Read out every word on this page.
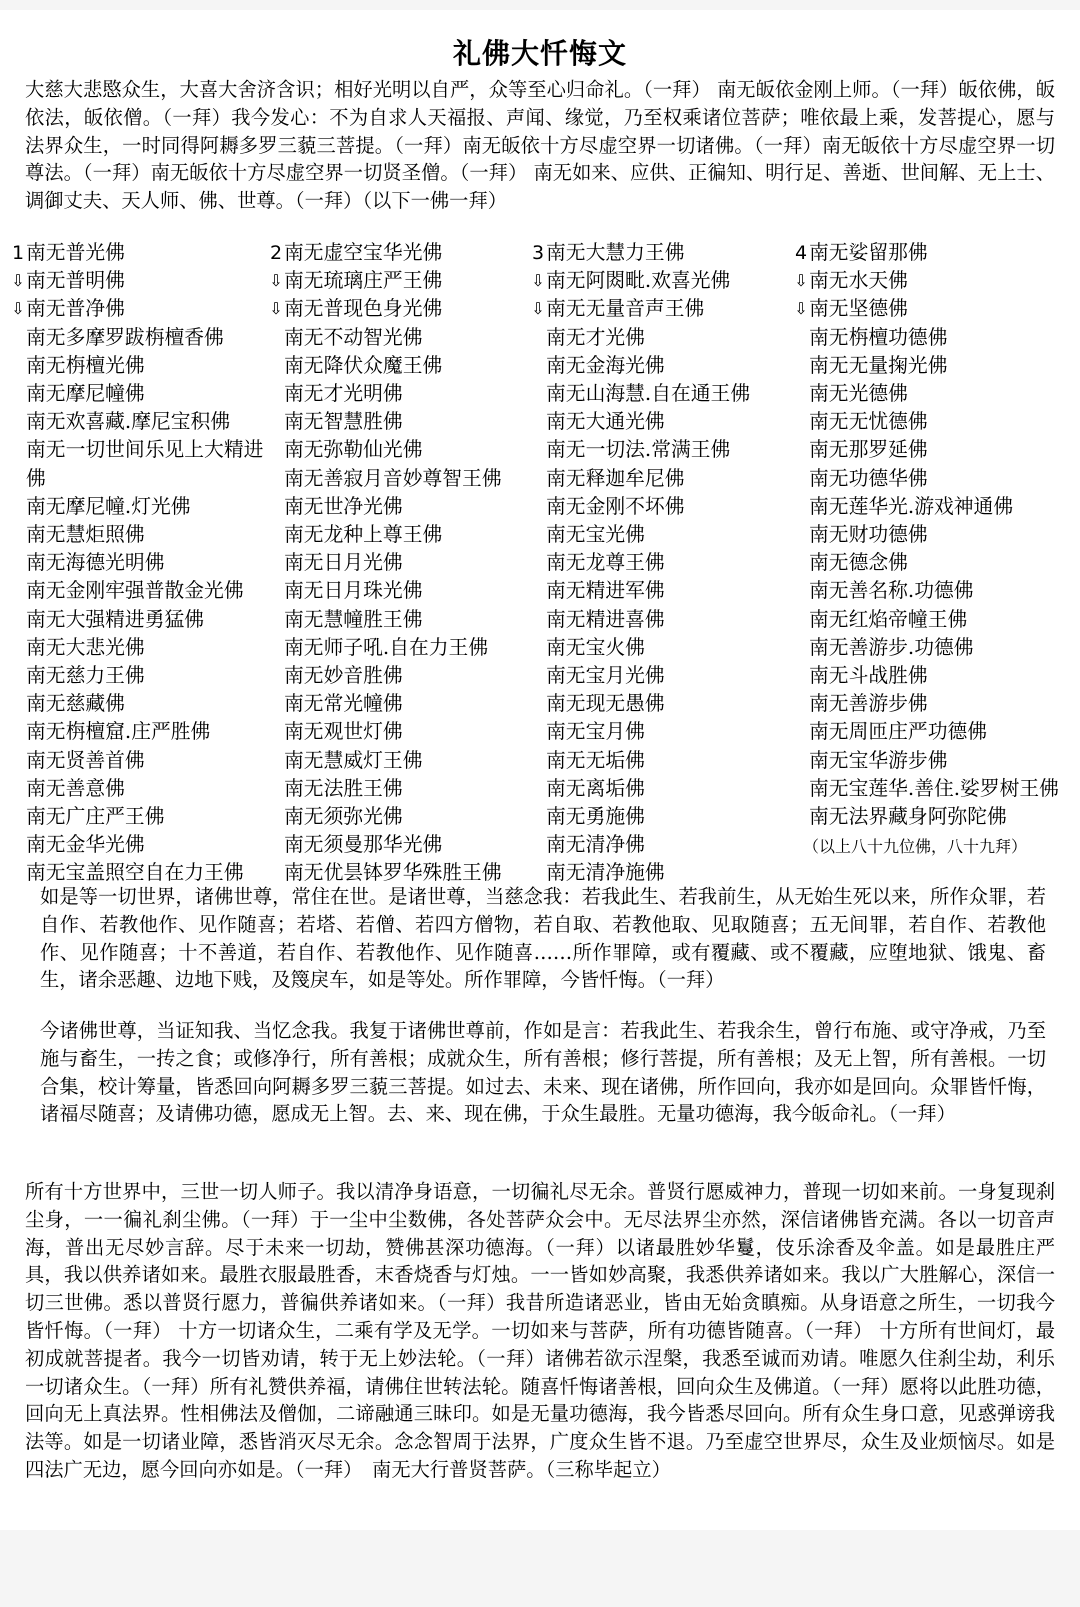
礼佛大忏悔文
大慈大悲愍众生，大喜大舍济含识；相好光明以自严，众等至心归命礼。（一拜） 南无皈依金刚上师。（一拜）皈依佛，皈依法，皈依僧。（一拜）我今发心：不为自求人天福报、声闻、缘觉，乃至权乘诸位菩萨；唯依最上乘，发菩提心，愿与法界众生，一时同得阿耨多罗三藐三菩提。（一拜）南无皈依十方尽虚空界一切诸佛。（一拜）南无皈依十方尽虚空界一切尊法。（一拜）南无皈依十方尽虚空界一切贤圣僧。（一拜） 南无如来、应供、正徧知、明行足、善逝、世间解、无上士、调御丈夫、天人师、佛、世尊。（一拜）（以下一佛一拜）
1 南无普光佛
⇩ 南无普明佛
⇩ 南无普净佛
南无多摩罗跋栴檀香佛
南无栴檀光佛
南无摩尼幢佛
南无欢喜藏.摩尼宝积佛
南无一切世间乐见上大精进佛
南无摩尼幢.灯光佛
南无慧炬照佛
南无海德光明佛
南无金刚牢强普散金光佛
南无大强精进勇猛佛
南无大悲光佛
南无慈力王佛
南无慈藏佛
南无栴檀窟.庄严胜佛
南无贤善首佛
南无善意佛
南无广庄严王佛
南无金华光佛
南无宝盖照空自在力王佛
2 南无虚空宝华光佛
⇩ 南无琉璃庄严王佛
⇩ 南无普现色身光佛
南无不动智光佛
南无降伏众魔王佛
南无才光明佛
南无智慧胜佛
南无弥勒仙光佛
南无善寂月音妙尊智王佛
南无世净光佛
南无龙种上尊王佛
南无日月光佛
南无日月珠光佛
南无慧幢胜王佛
南无师子吼.自在力王佛
南无妙音胜佛
南无常光幢佛
南无观世灯佛
南无慧威灯王佛
南无法胜王佛
南无须弥光佛
南无须曼那华光佛
南无优昙钵罗华殊胜王佛
3 南无大慧力王佛
⇩ 南无阿閦毗.欢喜光佛
⇩ 南无无量音声王佛
南无才光佛
南无金海光佛
南无山海慧.自在通王佛
南无大通光佛
南无一切法.常满王佛
南无释迦牟尼佛
南无金刚不坏佛
南无宝光佛
南无龙尊王佛
南无精进军佛
南无精进喜佛
南无宝火佛
南无宝月光佛
南无现无愚佛
南无宝月佛
南无无垢佛
南无离垢佛
南无勇施佛
南无清净佛
南无清净施佛
4 南无娑留那佛
⇩ 南无水天佛
⇩ 南无坚德佛
南无栴檀功德佛
南无无量掬光佛
南无光德佛
南无无忧德佛
南无那罗延佛
南无功德华佛
南无莲华光.游戏神通佛
南无财功德佛
南无德念佛
南无善名称.功德佛
南无红焰帝幢王佛
南无善游步.功德佛
南无斗战胜佛
南无善游步佛
南无周匝庄严功德佛
南无宝华游步佛
南无宝莲华.善住.娑罗树王佛
南无法界藏身阿弥陀佛
（以上八十九位佛，八十九拜）
如是等一切世界，诸佛世尊，常住在世。是诸世尊，当慈念我：若我此生、若我前生，从无始生死以来，所作众罪，若自作、若教他作、见作随喜；若塔、若僧、若四方僧物，若自取、若教他取、见取随喜；五无间罪，若自作、若教他作、见作随喜；十不善道，若自作、若教他作、见作随喜……所作罪障，或有覆藏、或不覆藏，应堕地狱、饿鬼、畜生，诸余恶趣、边地下贱，及篾戾车，如是等处。所作罪障，今皆忏悔。（一拜）
今诸佛世尊，当证知我、当忆念我。我复于诸佛世尊前，作如是言：若我此生、若我余生，曾行布施、或守净戒，乃至施与畜生，一抟之食；或修净行，所有善根；成就众生，所有善根；修行菩提，所有善根；及无上智，所有善根。一切合集，校计筹量，皆悉回向阿耨多罗三藐三菩提。如过去、未来、现在诸佛，所作回向，我亦如是回向。众罪皆忏悔，诸福尽随喜；及请佛功德，愿成无上智。去、来、现在佛，于众生最胜。无量功德海，我今皈命礼。（一拜）
所有十方世界中，三世一切人师子。我以清净身语意，一切徧礼尽无余。普贤行愿威神力，普现一切如来前。一身复现刹尘身，一一徧礼刹尘佛。（一拜）于一尘中尘数佛，各处菩萨众会中。无尽法界尘亦然，深信诸佛皆充满。各以一切音声海，普出无尽妙言辞。尽于未来一切劫，赞佛甚深功德海。（一拜）以诸最胜妙华鬘，伎乐涂香及伞盖。如是最胜庄严具，我以供养诸如来。最胜衣服最胜香，末香烧香与灯烛。一一皆如妙高聚，我悉供养诸如来。我以广大胜解心，深信一切三世佛。悉以普贤行愿力，普徧供养诸如来。（一拜）我昔所造诸恶业，皆由无始贪瞋痴。从身语意之所生，一切我今皆忏悔。（一拜） 十方一切诸众生，二乘有学及无学。一切如来与菩萨，所有功德皆随喜。（一拜） 十方所有世间灯，最初成就菩提者。我今一切皆劝请，转于无上妙法轮。（一拜）诸佛若欲示涅槃，我悉至诚而劝请。唯愿久住刹尘劫，利乐一切诸众生。（一拜）所有礼赞供养福，请佛住世转法轮。随喜忏悔诸善根，回向众生及佛道。（一拜）愿将以此胜功德，回向无上真法界。性相佛法及僧伽，二谛融通三昧印。如是无量功德海，我今皆悉尽回向。所有众生身口意，见惑弹谤我法等。如是一切诸业障，悉皆消灭尽无余。念念智周于法界，广度众生皆不退。乃至虚空世界尽，众生及业烦恼尽。如是四法广无边，愿今回向亦如是。（一拜）　南无大行普贤菩萨。（三称毕起立）
